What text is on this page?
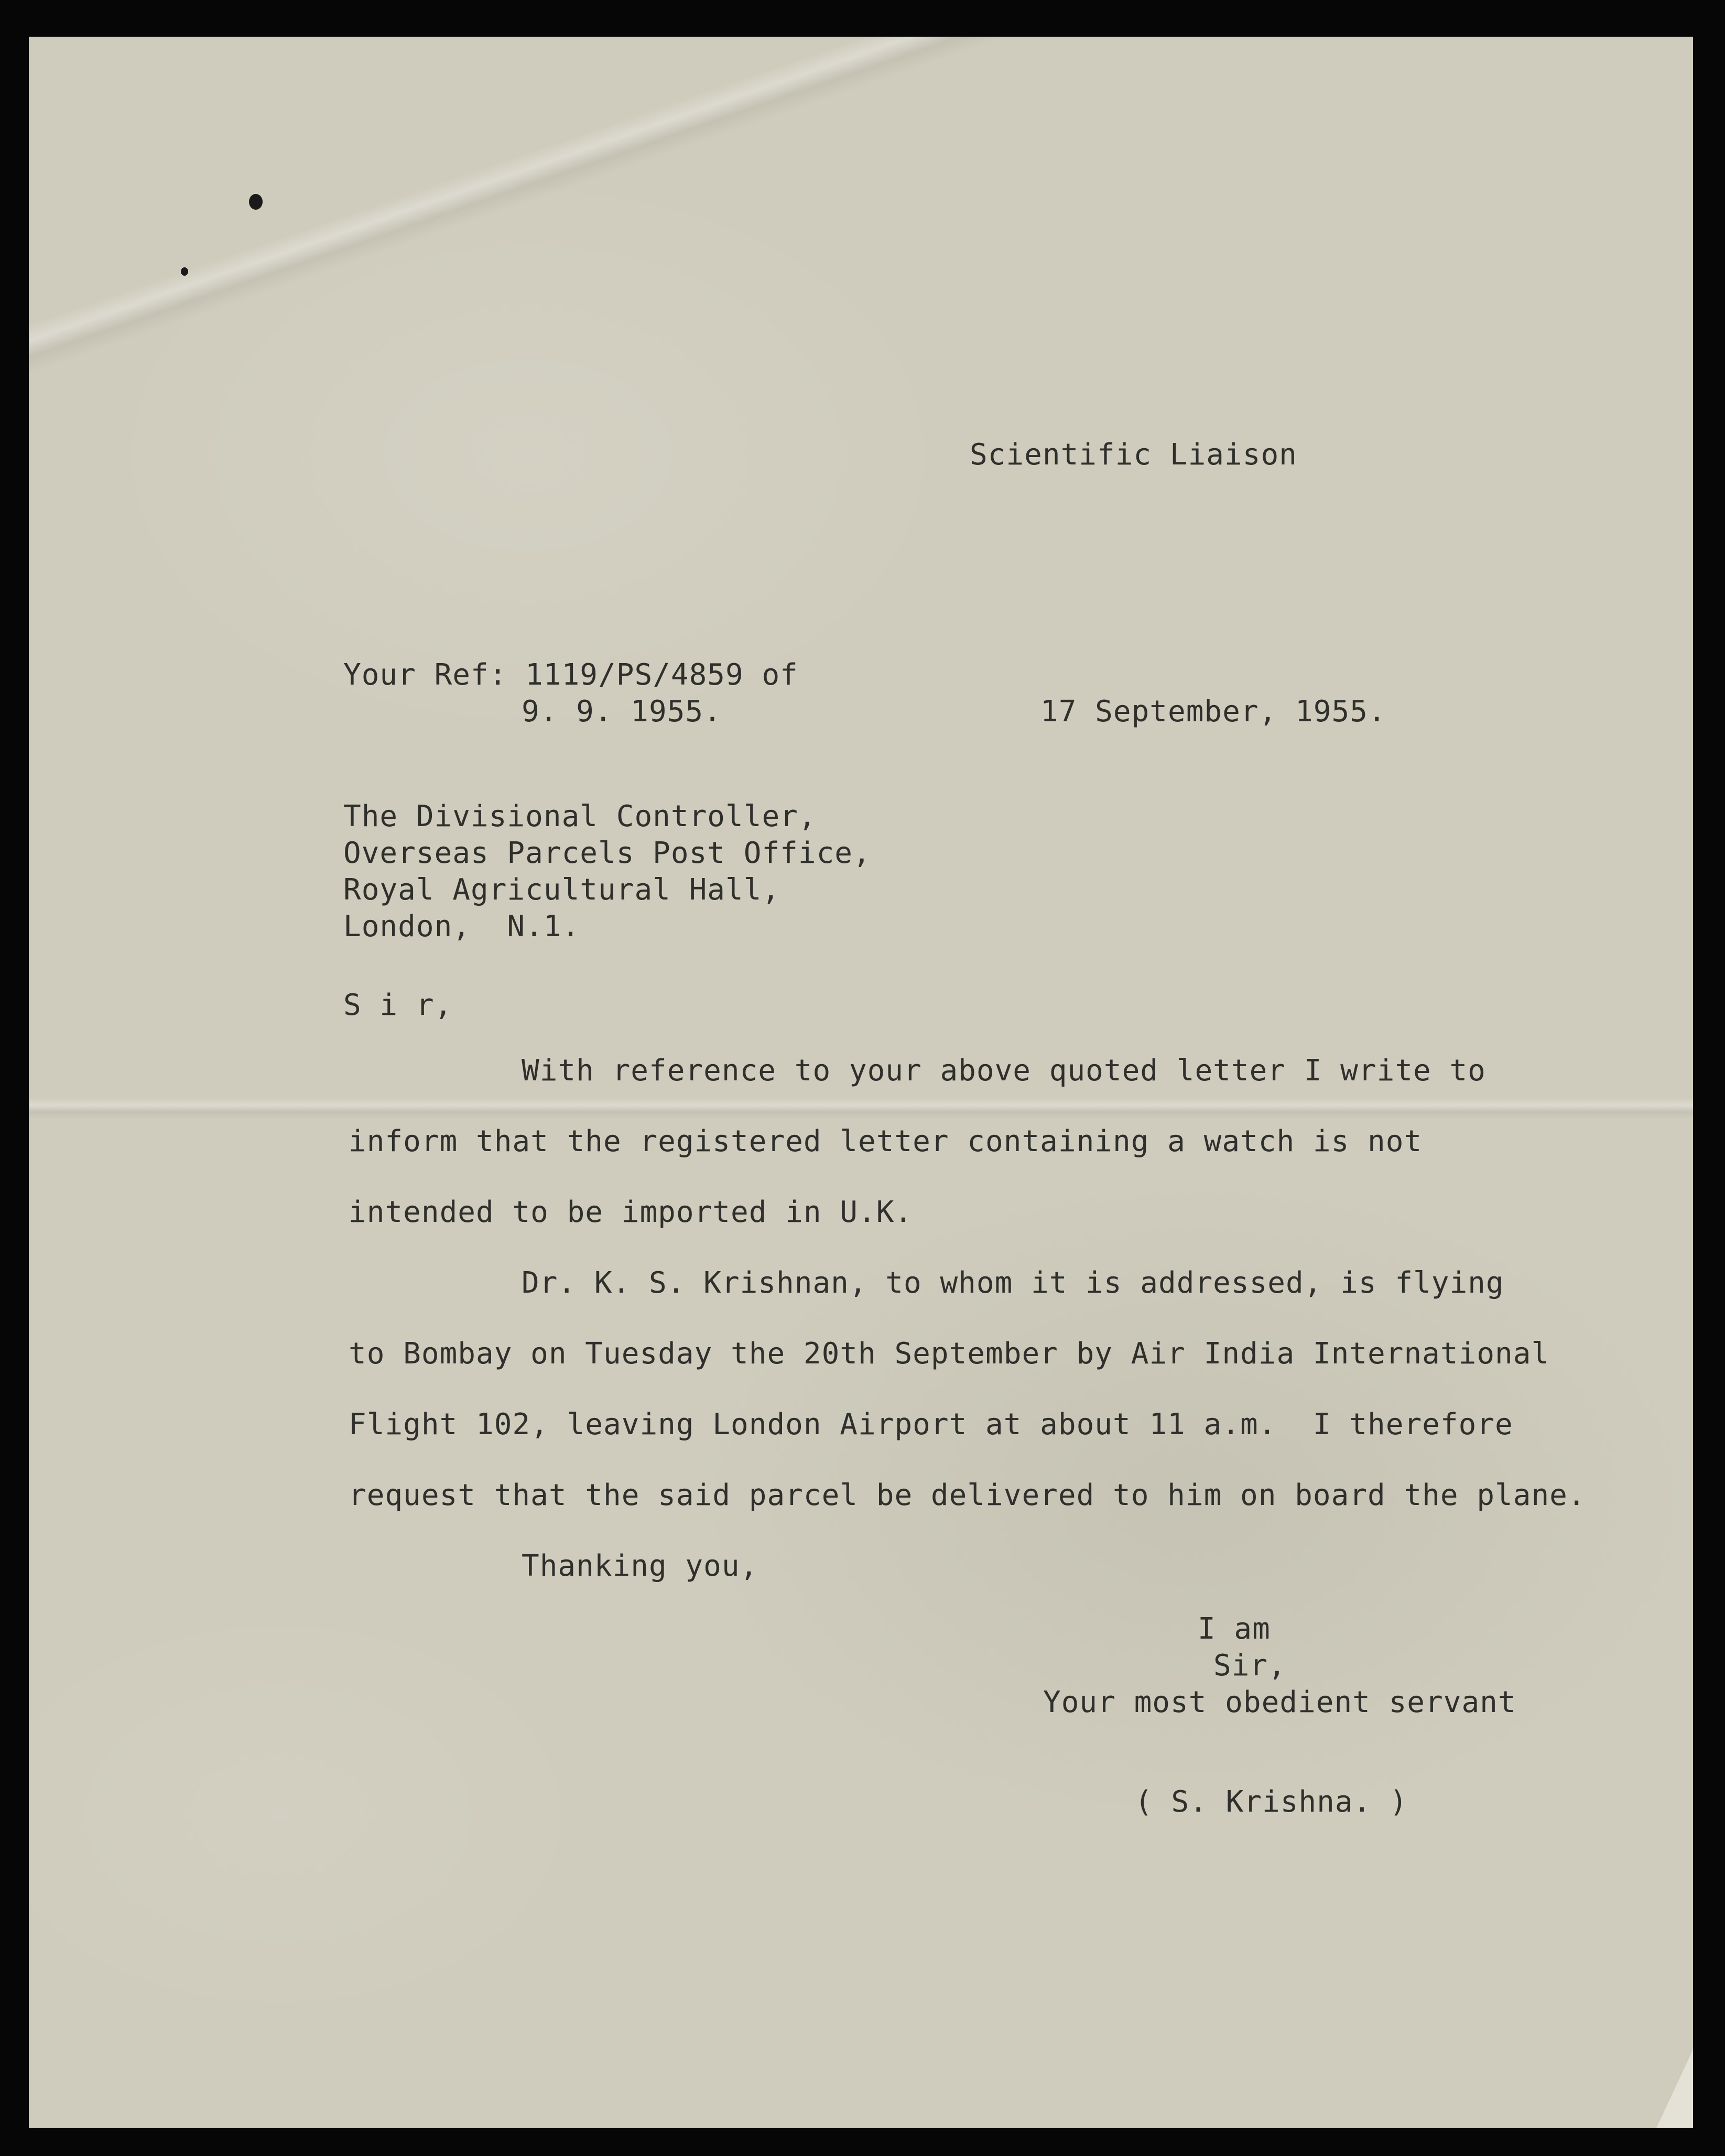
Scientific Liaison
Your Ref: 1119/PS/4859 of
9. 9. 1955.	17 September, 1955.
The Divisional Controller,
Overseas Parcels Post Office,
Royal Agricultural Hall,
London,  N.1.
S i r,
With reference to your above quoted letter I write to
inform that the registered letter containing a watch is not
intended to be imported in U.K.
Dr. K. S. Krishnan, to whom it is addressed, is flying
to Bombay on Tuesday the 20th September by Air India International
Flight 102, leaving London Airport at about 11 a.m.  I therefore
request that the said parcel be delivered to him on board the plane.
Thanking you,
I am
Sir,
Your most obedient servant
( S. Krishna. )
